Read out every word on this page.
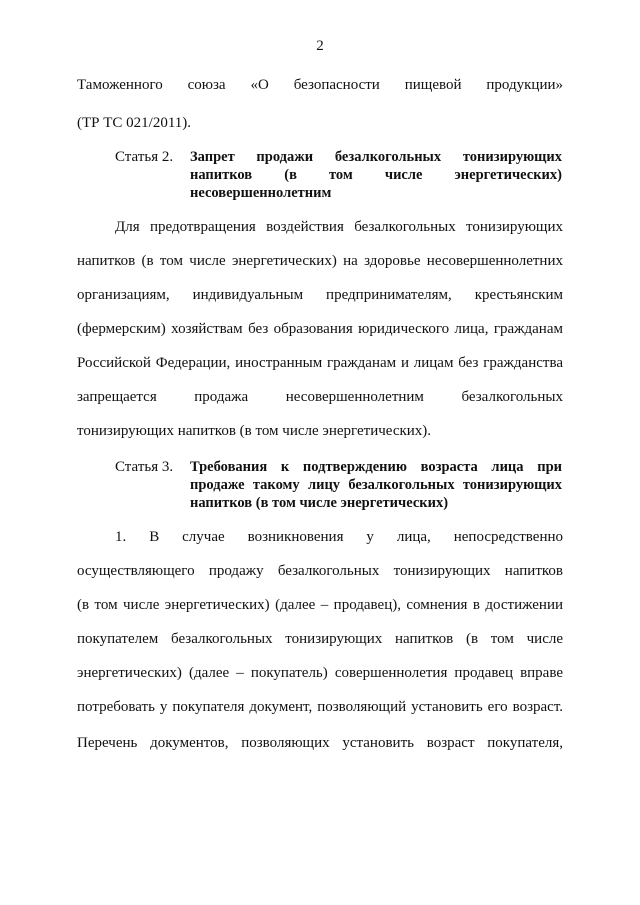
2
Таможенного союза «О безопасности пищевой продукции»
(ТР ТС 021/2011).
Статья 2. Запрет продажи безалкогольных тонизирующих
напитков (в том числе энергетических)
несовершеннолетним
Для предотвращения воздействия безалкогольных тонизирующих
напитков (в том числе энергетических) на здоровье несовершеннолетних
организациям, индивидуальным предпринимателям, крестьянским
(фермерским) хозяйствам без образования юридического лица, гражданам
Российской Федерации, иностранным гражданам и лицам без гражданства
запрещается продажа несовершеннолетним безалкогольных
тонизирующих напитков (в том числе энергетических).
Статья 3. Требования к подтверждению возраста лица при
продаже такому лицу безалкогольных тонизирующих
напитков (в том числе энергетических)
1. В случае возникновения у лица, непосредственно
осуществляющего продажу безалкогольных тонизирующих напитков
(в том числе энергетических) (далее – продавец), сомнения в достижении
покупателем безалкогольных тонизирующих напитков (в том числе
энергетических) (далее – покупатель) совершеннолетия продавец вправе
потребовать у покупателя документ, позволяющий установить его возраст.
Перечень документов, позволяющих установить возраст покупателя,
